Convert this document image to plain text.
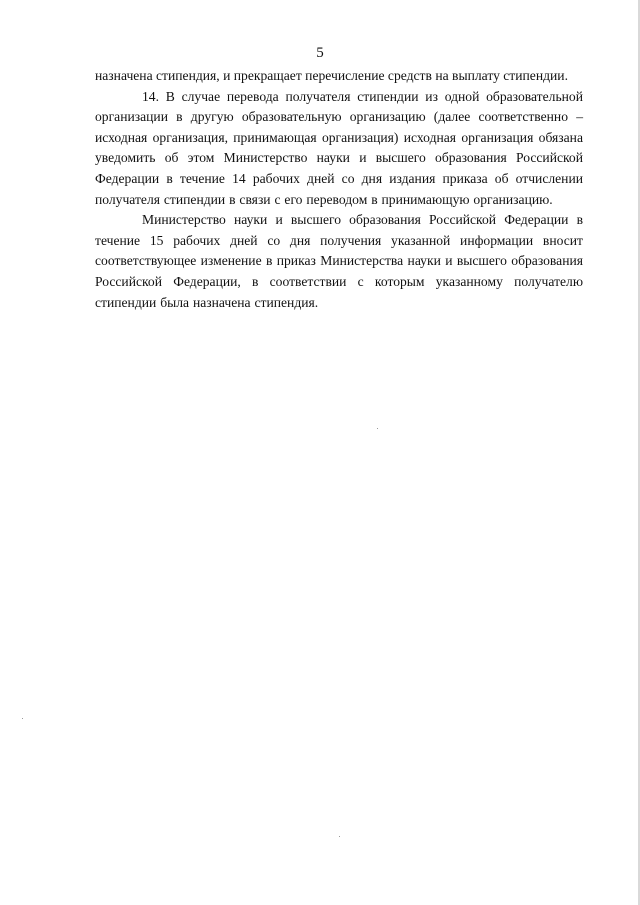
5

назначена стипендия, и прекращает перечисление средств на выплату стипендии.

14. В случае перевода получателя стипендии из одной образовательной организации в другую образовательную организацию (далее соответственно – исходная организация, принимающая организация) исходная организация обязана уведомить об этом Министерство науки и высшего образования Российской Федерации в течение 14 рабочих дней со дня издания приказа об отчислении получателя стипендии в связи с его переводом в принимающую организацию.

Министерство науки и высшего образования Российской Федерации в течение 15 рабочих дней со дня получения указанной информации вносит соответствующее изменение в приказ Министерства науки и высшего образования Российской Федерации, в соответствии с которым указанному получателю стипендии была назначена стипендия.
